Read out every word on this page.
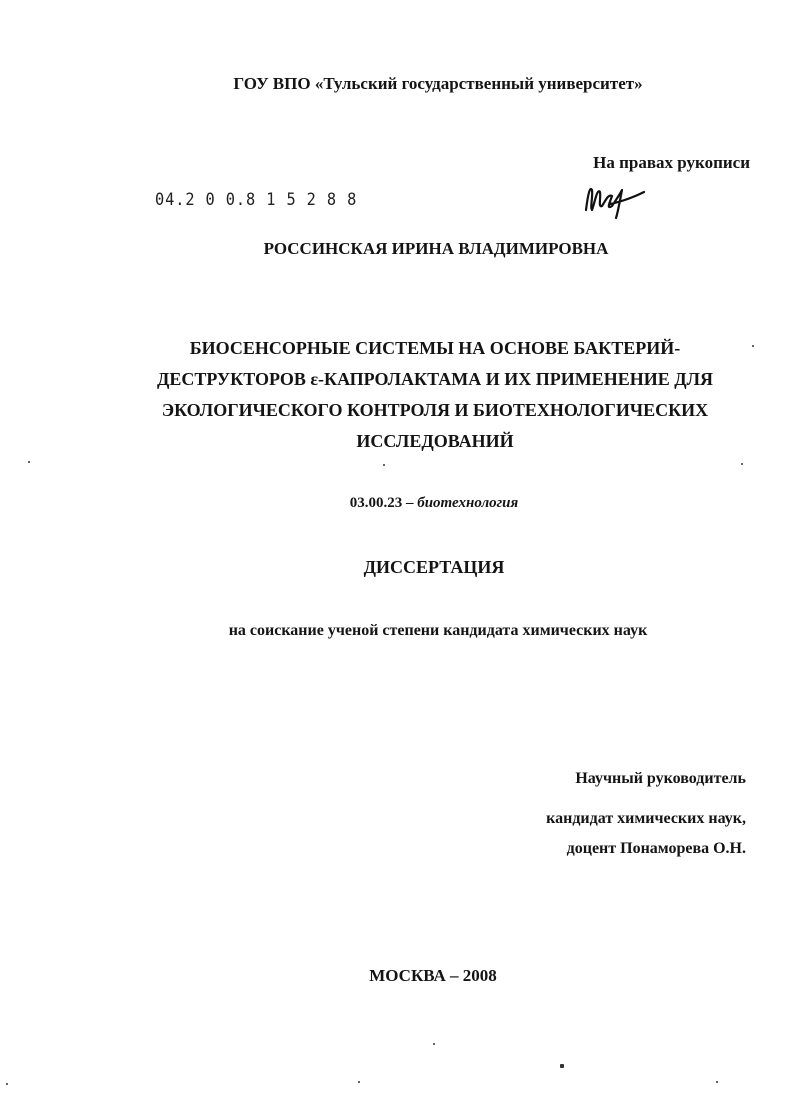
ГОУ ВПО «Тульский государственный университет»
На правах рукописи
04.2 0 0.8 1 5 2 8 8
РОССИНСКАЯ ИРИНА ВЛАДИМИРОВНА
БИОСЕНСОРНЫЕ СИСТЕМЫ НА ОСНОВЕ БАКТЕРИЙ-
ДЕСТРУКТОРОВ ε-КАПРОЛАКТАМА И ИХ ПРИМЕНЕНИЕ ДЛЯ
ЭКОЛОГИЧЕСКОГО КОНТРОЛЯ И БИОТЕХНОЛОГИЧЕСКИХ
ИССЛЕДОВАНИЙ
03.00.23 – биотехнология
ДИССЕРТАЦИЯ
на соискание ученой степени кандидата химических наук
Научный руководитель
кандидат химических наук,
доцент Понаморева О.Н.
МОСКВА – 2008
